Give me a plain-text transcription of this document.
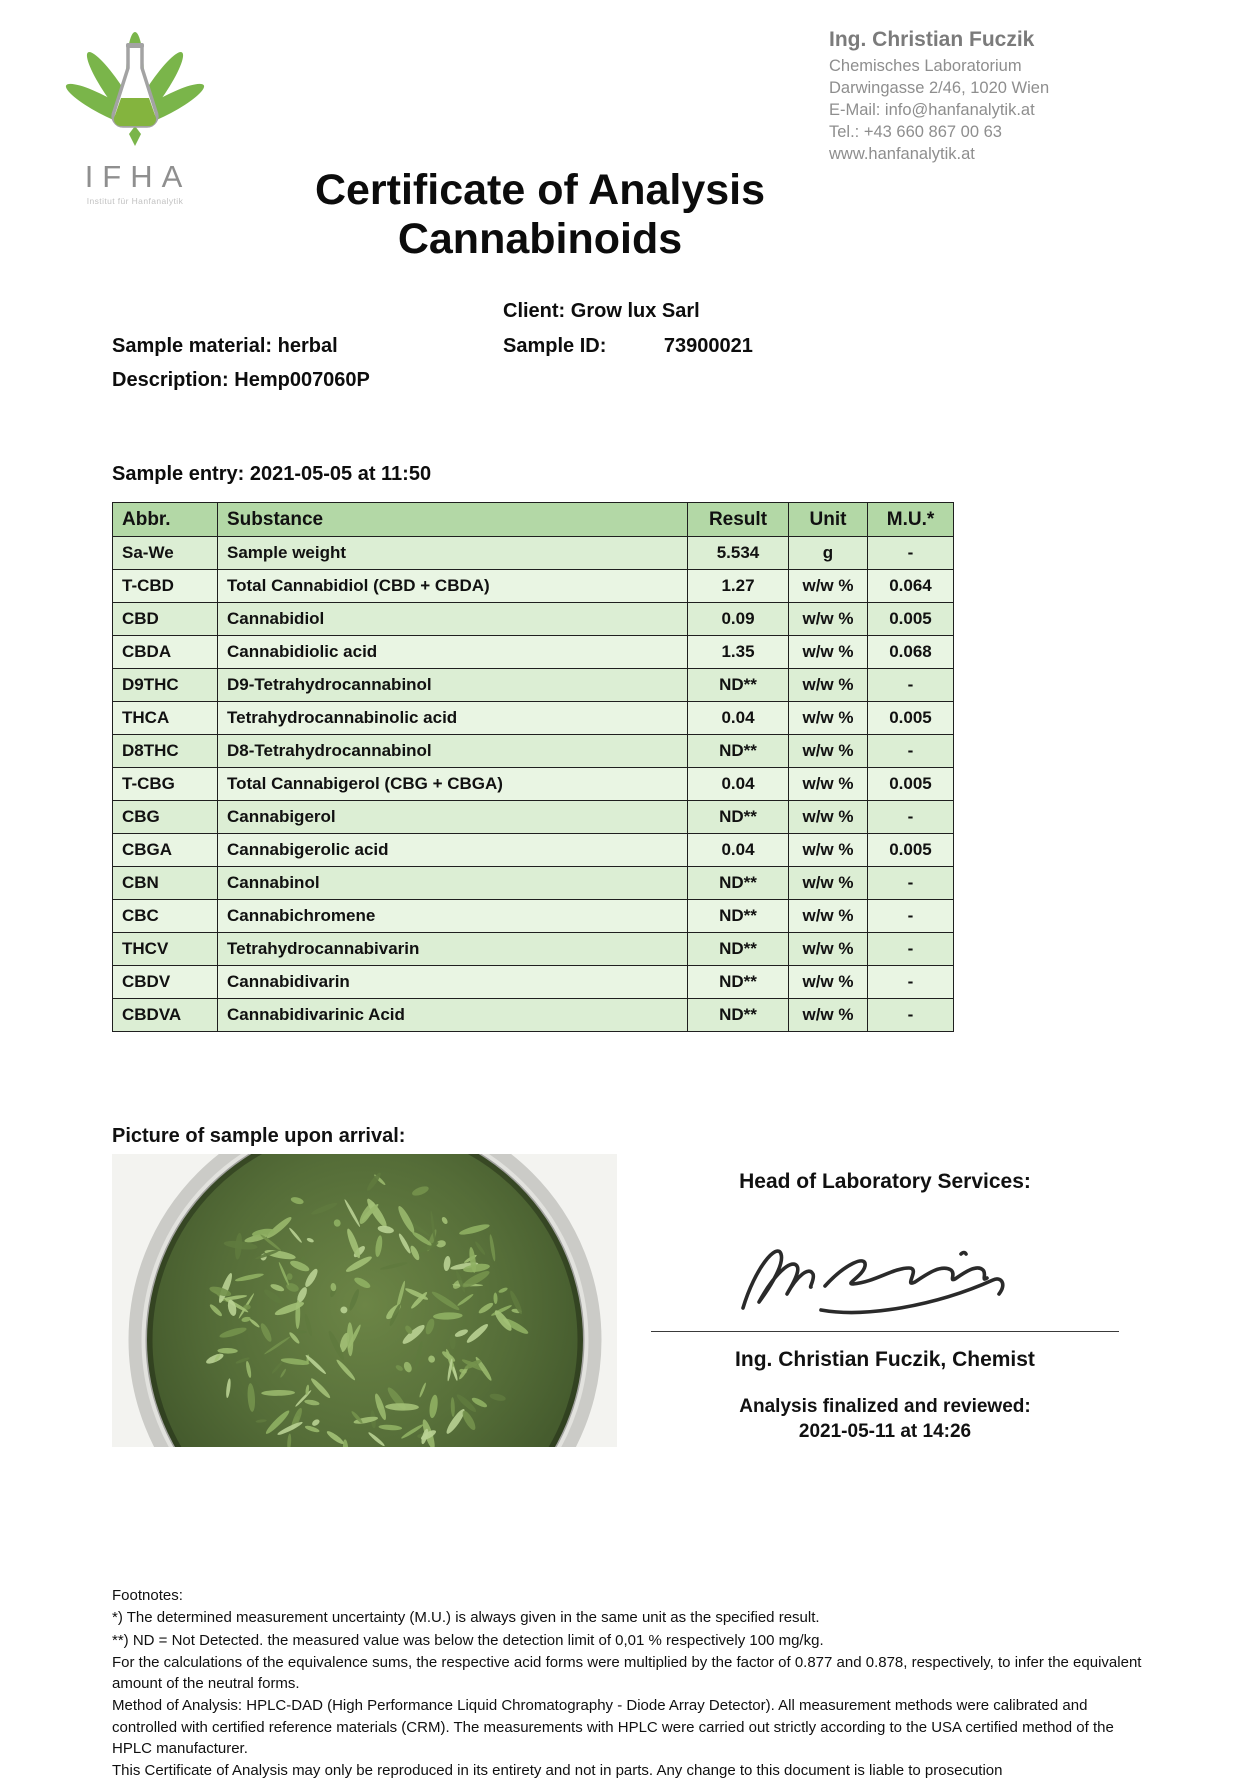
IFHA
Institut für Hanfanalytik
Ing. Christian Fuczik
Chemisches Laboratorium
Darwingasse 2/46, 1020 Wien
E-Mail: info@hanfanalytik.at
Tel.: +43 660 867 00 63
www.hanfanalytik.at
Certificate of Analysis
Cannabinoids
Client: Grow lux Sarl
Sample material: herbal	Sample ID:	73900021
Description: Hemp007060P
Sample entry: 2021-05-05 at 11:50
Abbr.	Substance	Result	Unit	M.U.*
Sa-We	Sample weight	5.534	g	-
T-CBD	Total Cannabidiol (CBD + CBDA)	1.27	w/w %	0.064
CBD	Cannabidiol	0.09	w/w %	0.005
CBDA	Cannabidiolic acid	1.35	w/w %	0.068
D9THC	D9-Tetrahydrocannabinol	ND**	w/w %	-
THCA	Tetrahydrocannabinolic acid	0.04	w/w %	0.005
D8THC	D8-Tetrahydrocannabinol	ND**	w/w %	-
T-CBG	Total Cannabigerol (CBG + CBGA)	0.04	w/w %	0.005
CBG	Cannabigerol	ND**	w/w %	-
CBGA	Cannabigerolic acid	0.04	w/w %	0.005
CBN	Cannabinol	ND**	w/w %	-
CBC	Cannabichromene	ND**	w/w %	-
THCV	Tetrahydrocannabivarin	ND**	w/w %	-
CBDV	Cannabidivarin	ND**	w/w %	-
CBDVA	Cannabidivarinic Acid	ND**	w/w %	-
Picture of sample upon arrival:
Head of Laboratory Services:
Ing. Christian Fuczik, Chemist
Analysis finalized and reviewed:
2021-05-11 at 14:26

Footnotes:

*) The determined measurement uncertainty (M.U.) is always given in the same unit as the specified result.

**) ND = Not Detected. the measured value was below the detection limit of 0,01 % respectively 100 mg/kg.

For the calculations of the equivalence sums, the respective acid forms were multiplied by the factor of 0.877 and 0.878, respectively, to infer the equivalent amount of the neutral forms.

Method of Analysis: HPLC-DAD (High Performance Liquid Chromatography - Diode Array Detector). All measurement methods were calibrated and controlled with certified reference materials (CRM). The measurements with HPLC were carried out strictly according to the USA certified method of the HPLC manufacturer.

This Certificate of Analysis may only be reproduced in its entirety and not in parts. Any change to this document is liable to prosecution
